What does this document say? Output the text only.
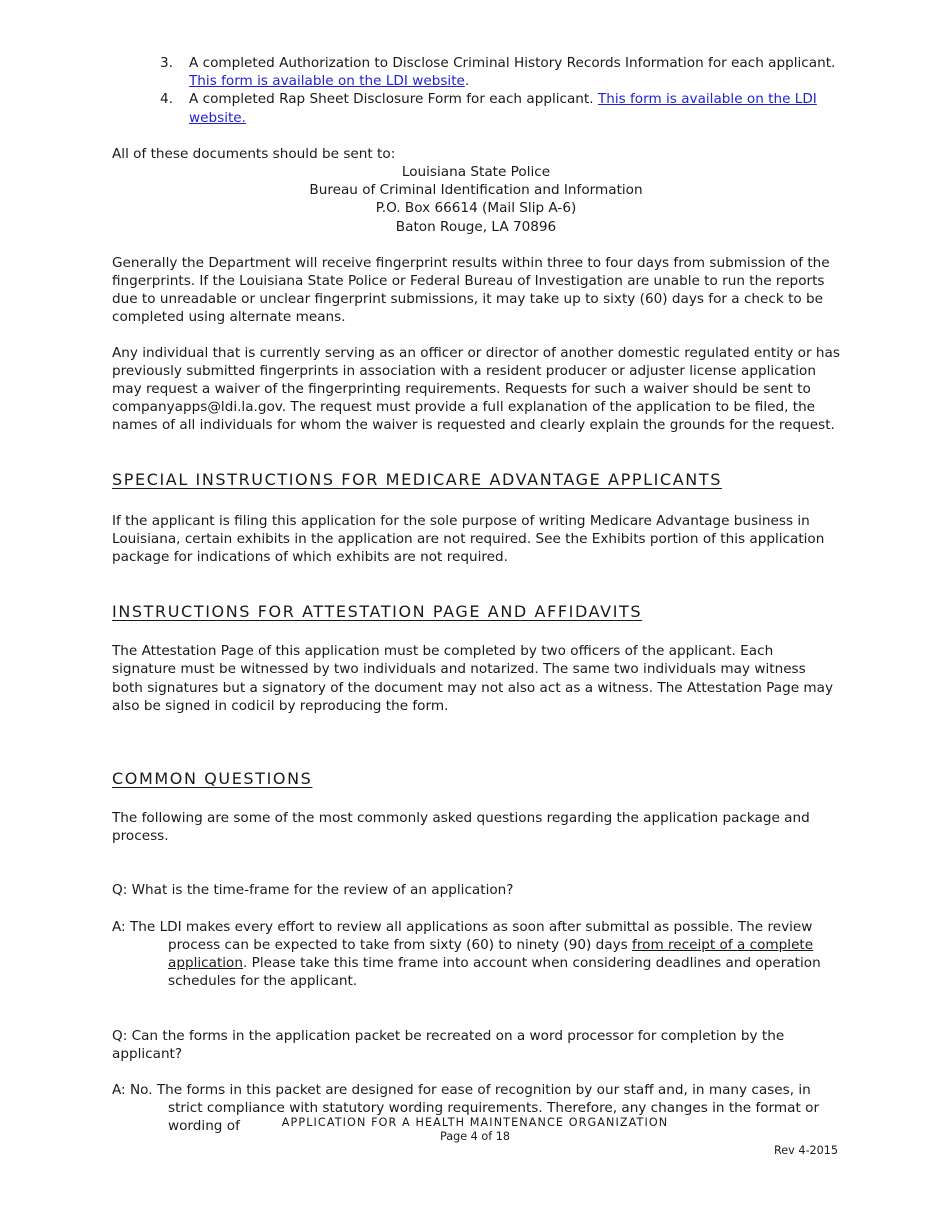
3. A completed Authorization to Disclose Criminal History Records Information for each applicant. This form is available on the LDI website.
4. A completed Rap Sheet Disclosure Form for each applicant. This form is available on the LDI website.

All of these documents should be sent to:

Louisiana State Police
Bureau of Criminal Identification and Information
P.O. Box 66614 (Mail Slip A-6)
Baton Rouge, LA 70896

Generally the Department will receive fingerprint results within three to four days from submission of the fingerprints. If the Louisiana State Police or Federal Bureau of Investigation are unable to run the reports due to unreadable or unclear fingerprint submissions, it may take up to sixty (60) days for a check to be completed using alternate means.

Any individual that is currently serving as an officer or director of another domestic regulated entity or has previously submitted fingerprints in association with a resident producer or adjuster license application may request a waiver of the fingerprinting requirements. Requests for such a waiver should be sent to companyapps@ldi.la.gov. The request must provide a full explanation of the application to be filed, the names of all individuals for whom the waiver is requested and clearly explain the grounds for the request.

SPECIAL INSTRUCTIONS FOR MEDICARE ADVANTAGE APPLICANTS

If the applicant is filing this application for the sole purpose of writing Medicare Advantage business in Louisiana, certain exhibits in the application are not required. See the Exhibits portion of this application package for indications of which exhibits are not required.

INSTRUCTIONS FOR ATTESTATION PAGE AND AFFIDAVITS

The Attestation Page of this application must be completed by two officers of the applicant. Each signature must be witnessed by two individuals and notarized. The same two individuals may witness both signatures but a signatory of the document may not also act as a witness. The Attestation Page may also be signed in codicil by reproducing the form.

COMMON QUESTIONS

The following are some of the most commonly asked questions regarding the application package and process.

Q: What is the time-frame for the review of an application?

A: The LDI makes every effort to review all applications as soon after submittal as possible. The review process can be expected to take from sixty (60) to ninety (90) days from receipt of a complete application. Please take this time frame into account when considering deadlines and operation schedules for the applicant.

Q: Can the forms in the application packet be recreated on a word processor for completion by the applicant?

A: No. The forms in this packet are designed for ease of recognition by our staff and, in many cases, in strict compliance with statutory wording requirements. Therefore, any changes in the format or wording of	APPLICATION FOR A HEALTH MAINTENANCE ORGANIZATION
Page 4 of 18
Rev 4-2015
